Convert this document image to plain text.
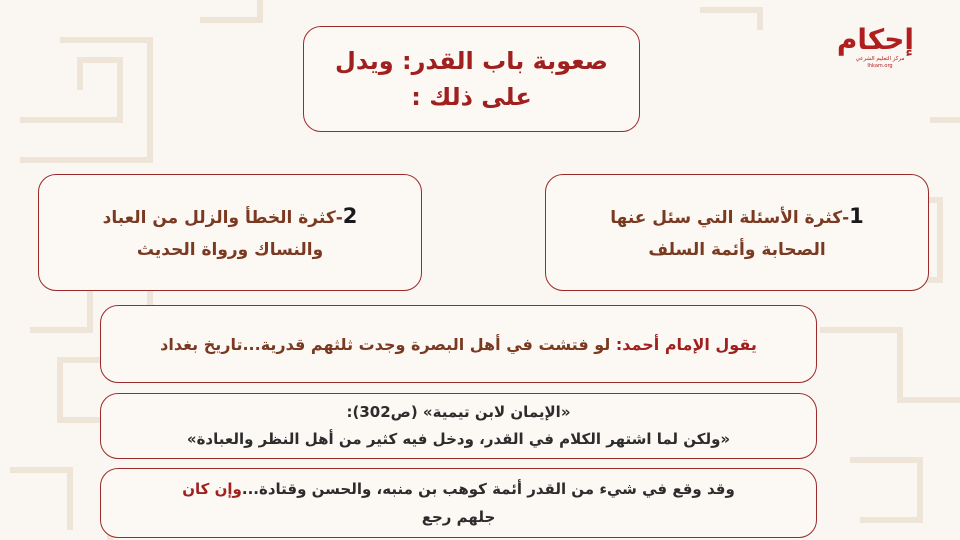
إحكام
مركز التعليم الشرعي
Ihkam.org
صعوبة باب القدر: ويدل
على ذلك :
1-كثرة الأسئلة التي سئل عنها
الصحابة وأئمة السلف
2-كثرة الخطأ والزلل من العباد
والنساك ورواة الحديث
يقول الإمام أحمد: لو فتشت في أهل البصرة وجدت ثلثهم قدرية...تاريخ بغداد
«الإيمان لابن تيمية» (ص302):
«ولكن لما اشتهر الكلام في القدر، ودخل فيه كثير من أهل النظر والعبادة»
وقد وقع في شيء من القدر أئمة كوهب بن منبه، والحسن وقتادة...وإن كان
جلهم رجع
